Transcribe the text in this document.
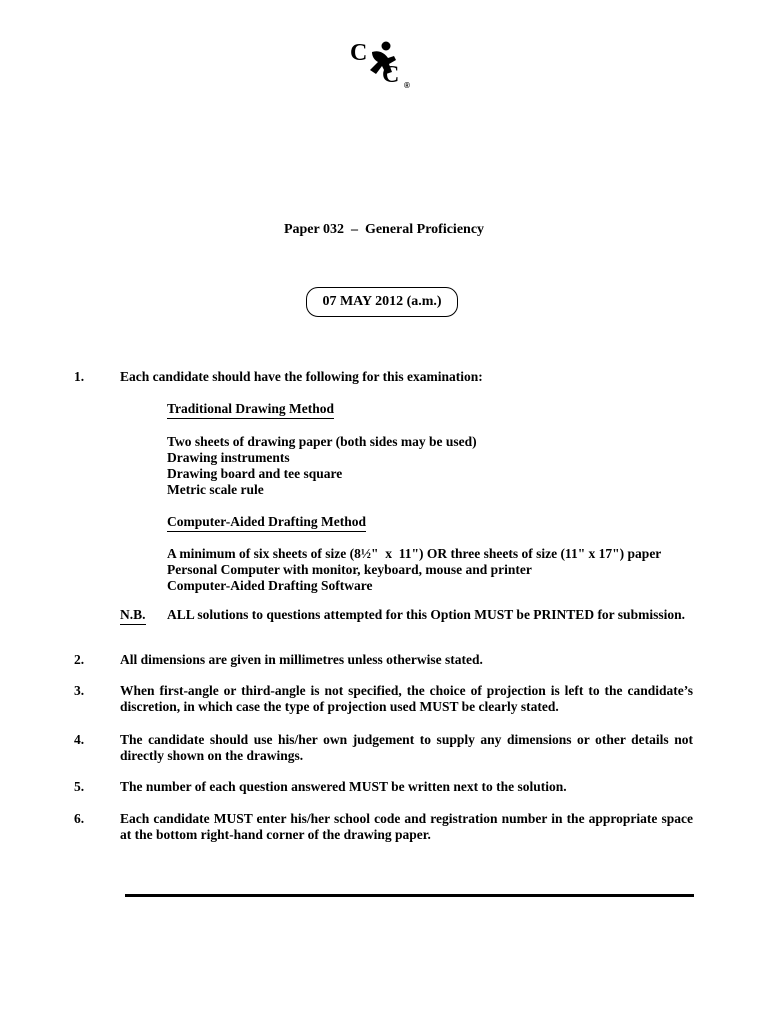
C
C ®
Paper 032  –  General Proficiency
07 MAY 2012 (a.m.)
1.	Each candidate should have the following for this examination:
Traditional Drawing Method
Two sheets of drawing paper (both sides may be used)
Drawing instruments
Drawing board and tee square
Metric scale rule
Computer-Aided Drafting Method
A minimum of six sheets of size (8½"  x  11") OR three sheets of size (11" x 17") paper
Personal Computer with monitor, keyboard, mouse and printer
Computer-Aided Drafting Software
N.B.	ALL solutions to questions attempted for this Option MUST be PRINTED for submission.
2.	All dimensions are given in millimetres unless otherwise stated.
3.	When first-angle or third-angle is not specified, the choice of projection is left to the candidate’s discretion, in which case the type of projection used MUST be clearly stated.
4.	The candidate should use his/her own judgement to supply any dimensions or other details not directly shown on the drawings.
5.	The number of each question answered MUST be written next to the solution.
6.	Each candidate MUST enter his/her school code and registration number in the appropriate space at the bottom right-hand corner of the drawing paper.
